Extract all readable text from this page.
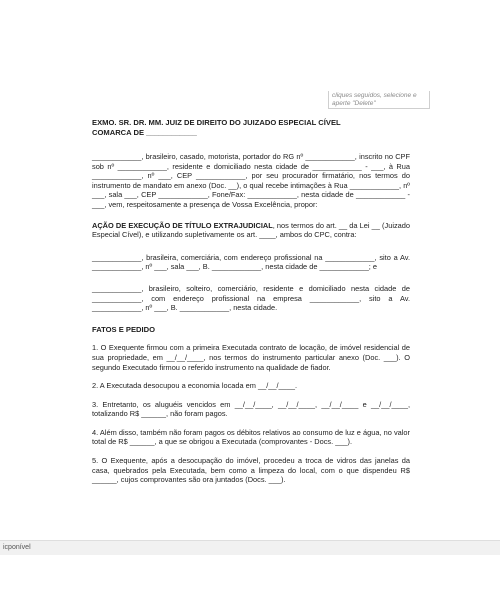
cliques seguidos, selecione e
aperte "Delete"

EXMO. SR. DR. MM. JUIZ DE DIREITO DO JUIZADO ESPECIAL CÍVEL

COMARCA DE ____________

____________, brasileiro, casado, motorista, portador do RG nº ____________, inscrito no CPF sob nº ____________, residente e domiciliado nesta cidade de ____________ - ___, à Rua ____________, nº ___, CEP ____________, por seu procurador firmatário, nos termos do instrumento de mandato em anexo (Doc. __), o qual recebe intimações à Rua ____________, nº ___, sala ___, CEP ____________, Fone/Fax: ____________, nesta cidade de ____________ - ___, vem, respeitosamente a presença de Vossa Excelência, propor:

AÇÃO DE EXECUÇÃO DE TÍTULO EXTRAJUDICIAL, nos termos do art. __ da Lei __ (Juizado Especial Cível), e utilizando supletivamente os art. ____, ambos do CPC, contra:

____________, brasileira, comerciária, com endereço profissional na ____________, sito a Av. ____________, nº ___, sala ___, B. ____________, nesta cidade de ____________; e

____________, brasileiro, solteiro, comerciário, residente e domiciliado nesta cidade de ____________, com endereço profissional na empresa ____________, sito a Av. ____________, nº ___, B. ____________, nesta cidade.

FATOS E PEDIDO

1. O Exequente firmou com a primeira Executada contrato de locação, de imóvel residencial de sua propriedade, em __/__/____, nos termos do instrumento particular anexo (Doc. ___). O segundo Executado firmou o referido instrumento na qualidade de fiador.

2. A Executada desocupou a economia locada em __/__/____.

3. Entretanto, os aluguéis vencidos em __/__/____, __/__/____, __/__/____ e __/__/____, totalizando R$ ______, não foram pagos.

4. Além disso, também não foram pagos os débitos relativos ao consumo de luz e água, no valor total de R$ ______, a que se obrigou a Executada (comprovantes - Docs. ___).

5. O Exequente, após a desocupação do imóvel, procedeu a troca de vidros das janelas da casa, quebrados pela Executada, bem como a limpeza do local, com o que dispendeu R$ ______, cujos comprovantes são ora juntados (Docs. ___).

icponível
